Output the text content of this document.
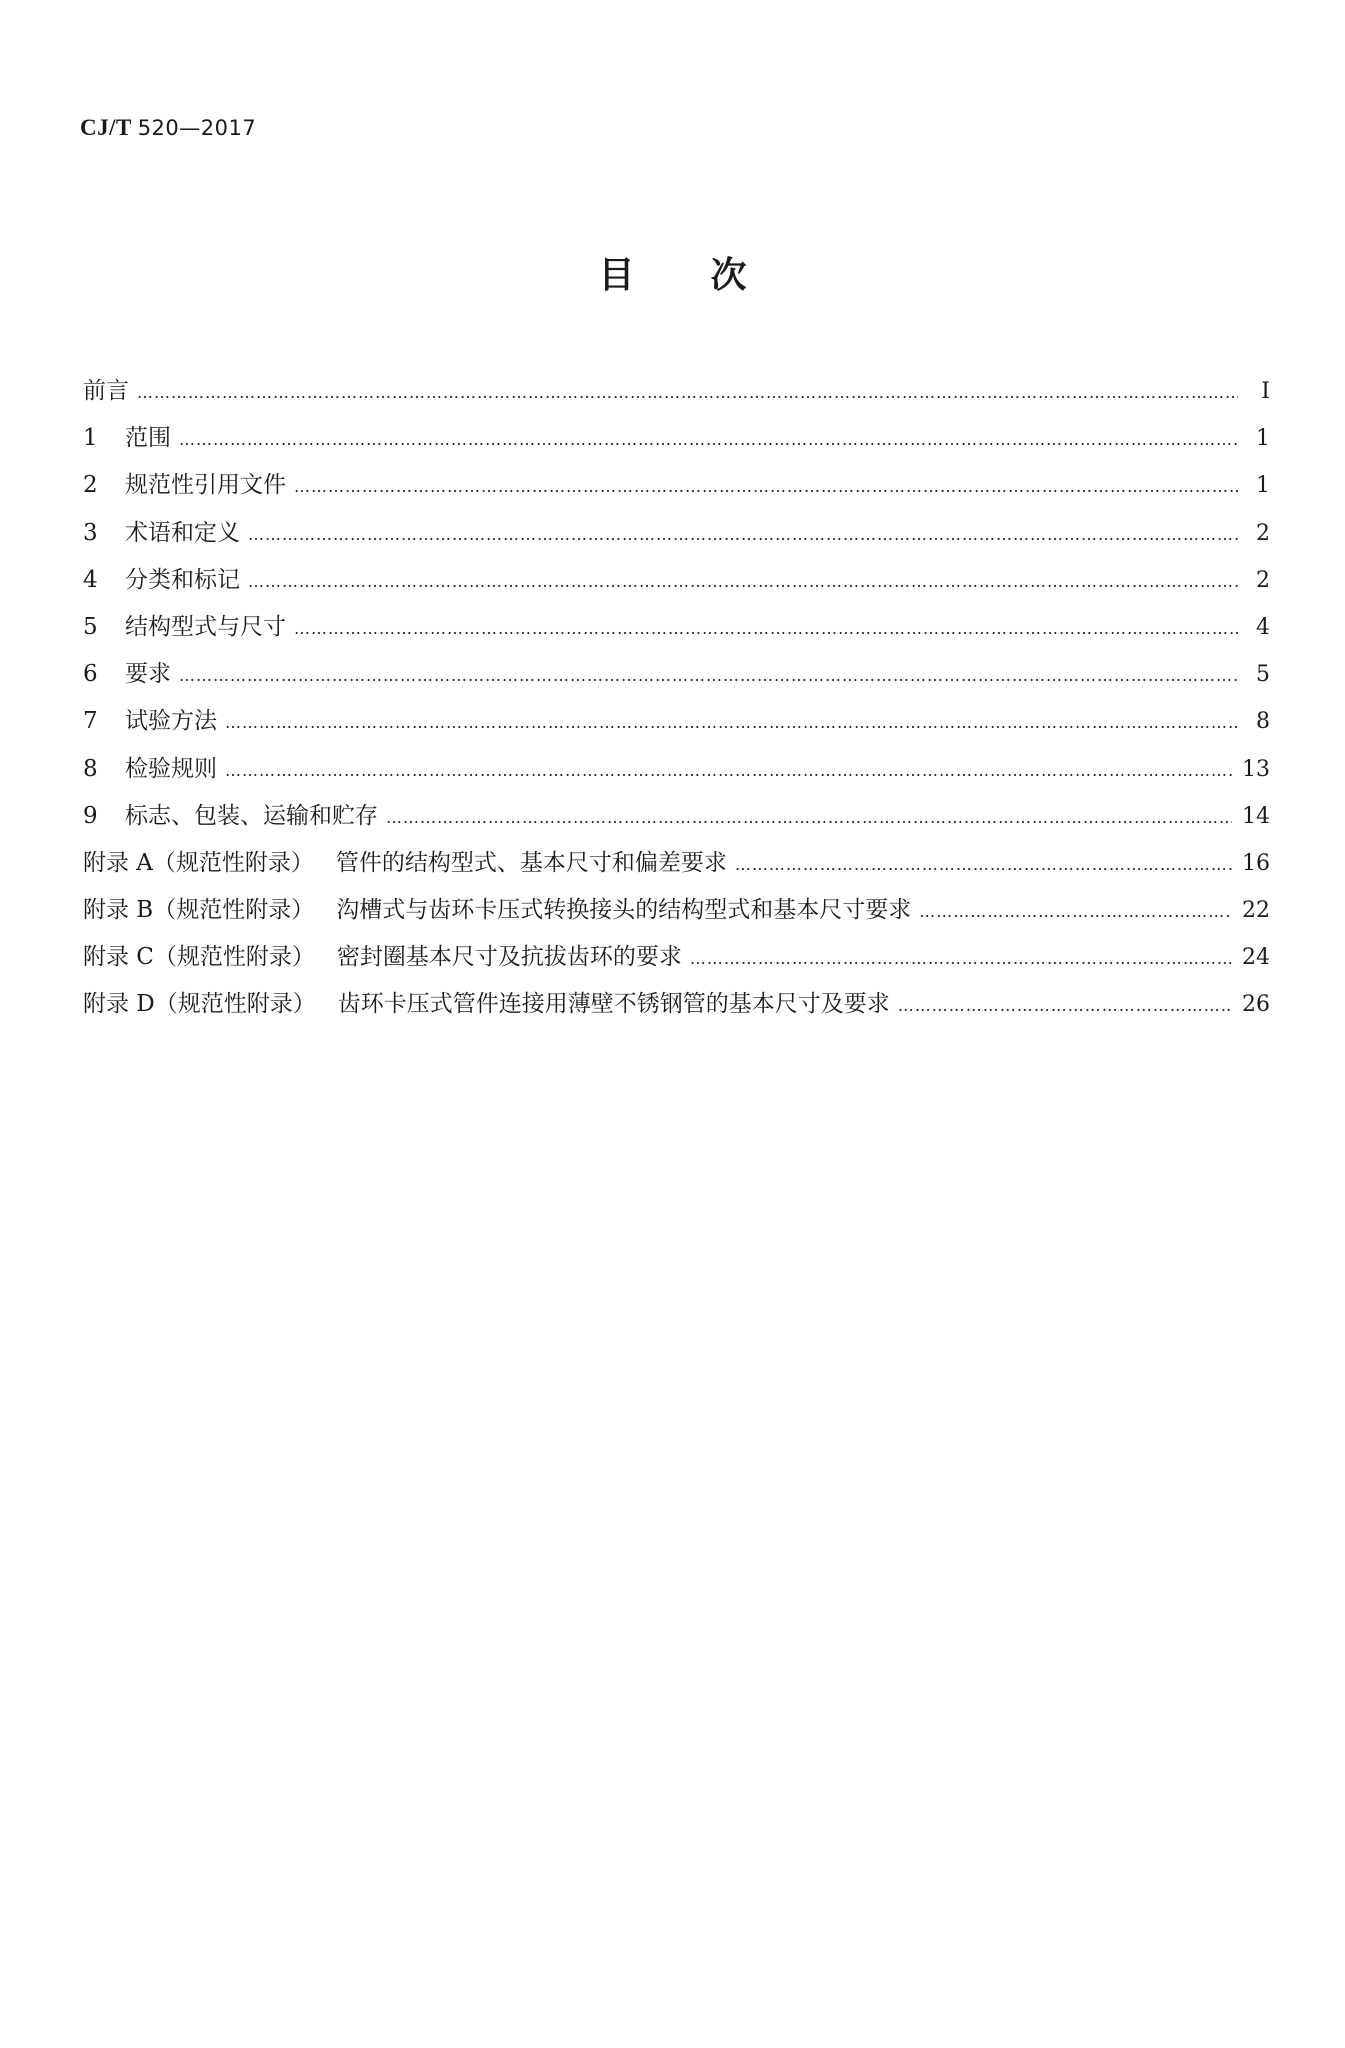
CJ/T 520—2017
目 次
前言 …………………………………………………………………………………………………………………………………………………………………………………………………………………………	Ⅰ
1	范围 …………………………………………………………………………………………………………………………………………………………………………………………………………………………	1
2	规范性引用文件 …………………………………………………………………………………………………………………………………………………………………………………………………………………………	1
3	术语和定义 …………………………………………………………………………………………………………………………………………………………………………………………………………………………	2
4	分类和标记 …………………………………………………………………………………………………………………………………………………………………………………………………………………………	2
5	结构型式与尺寸 …………………………………………………………………………………………………………………………………………………………………………………………………………………………	4
6	要求 …………………………………………………………………………………………………………………………………………………………………………………………………………………………	5
7	试验方法 …………………………………………………………………………………………………………………………………………………………………………………………………………………………	8
8	检验规则 …………………………………………………………………………………………………………………………………………………………………………………………………………………………	13
9	标志、包装、运输和贮存 …………………………………………………………………………………………………………………………………………………………………………………………………………………………	14
附录 A（规范性附录） 管件的结构型式、基本尺寸和偏差要求 …………………………………………………………………………………………………………………………………………………………………………………………………………………………	16
附录 B（规范性附录） 沟槽式与齿环卡压式转换接头的结构型式和基本尺寸要求 …………………………………………………………………………………………………………………………………………………………………………………………………………………………	22
附录 C（规范性附录） 密封圈基本尺寸及抗拔齿环的要求 …………………………………………………………………………………………………………………………………………………………………………………………………………………………	24
附录 D（规范性附录） 齿环卡压式管件连接用薄壁不锈钢管的基本尺寸及要求 …………………………………………………………………………………………………………………………………………………………………………………………………………………………	26
